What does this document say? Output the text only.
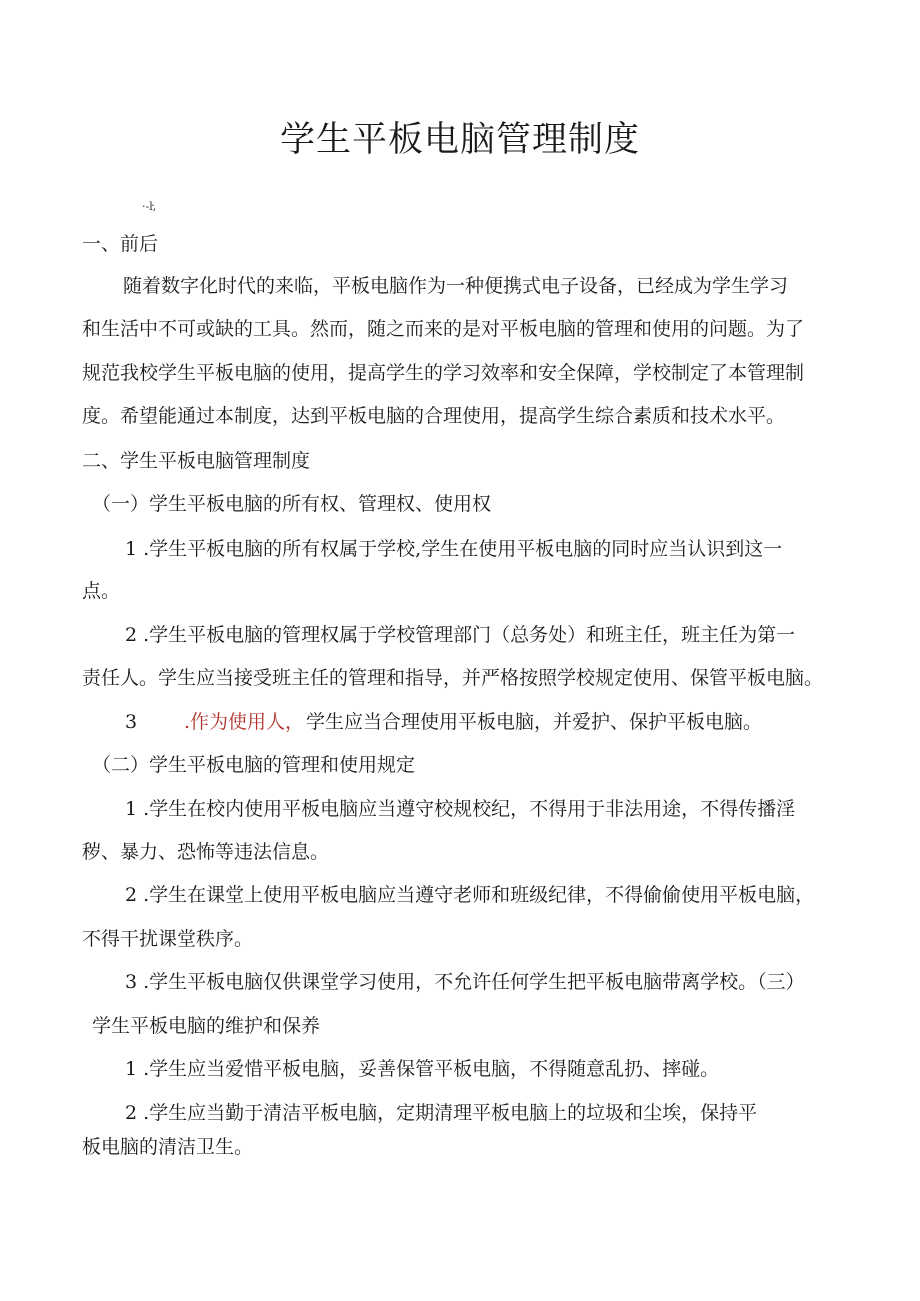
学生平板电脑管理制度
·-ŀ,
一、前后
随着数字化时代的来临，平板电脑作为一种便携式电子设备，已经成为学生学习
和生活中不可或缺的工具。然而，随之而来的是对平板电脑的管理和使用的问题。为了
规范我校学生平板电脑的使用，提高学生的学习效率和安全保障，学校制定了本管理制
度。希望能通过本制度，达到平板电脑的合理使用，提高学生综合素质和技术水平。
二、学生平板电脑管理制度
（一）学生平板电脑的所有权、管理权、使用权
1 .学生平板电脑的所有权属于学校,学生在使用平板电脑的同时应当认识到这一
点。
2 .学生平板电脑的管理权属于学校管理部门（总务处）和班主任，班主任为第一
责任人。学生应当接受班主任的管理和指导，并严格按照学校规定使用、保管平板电脑。
3 .作为使用人， 学生应当合理使用平板电脑，并爱护、保护平板电脑。
（二）学生平板电脑的管理和使用规定
1 .学生在校内使用平板电脑应当遵守校规校纪，不得用于非法用途，不得传播淫
秽、暴力、恐怖等违法信息。
2 .学生在课堂上使用平板电脑应当遵守老师和班级纪律，不得偷偷使用平板电脑，
不得干扰课堂秩序。
3 .学生平板电脑仅供课堂学习使用，不允许任何学生把平板电脑带离学校。（三）
学生平板电脑的维护和保养
1 .学生应当爱惜平板电脑，妥善保管平板电脑，不得随意乱扔、摔碰。
2 .学生应当勤于清洁平板电脑，定期清理平板电脑上的垃圾和尘埃，保持平
板电脑的清洁卫生。
